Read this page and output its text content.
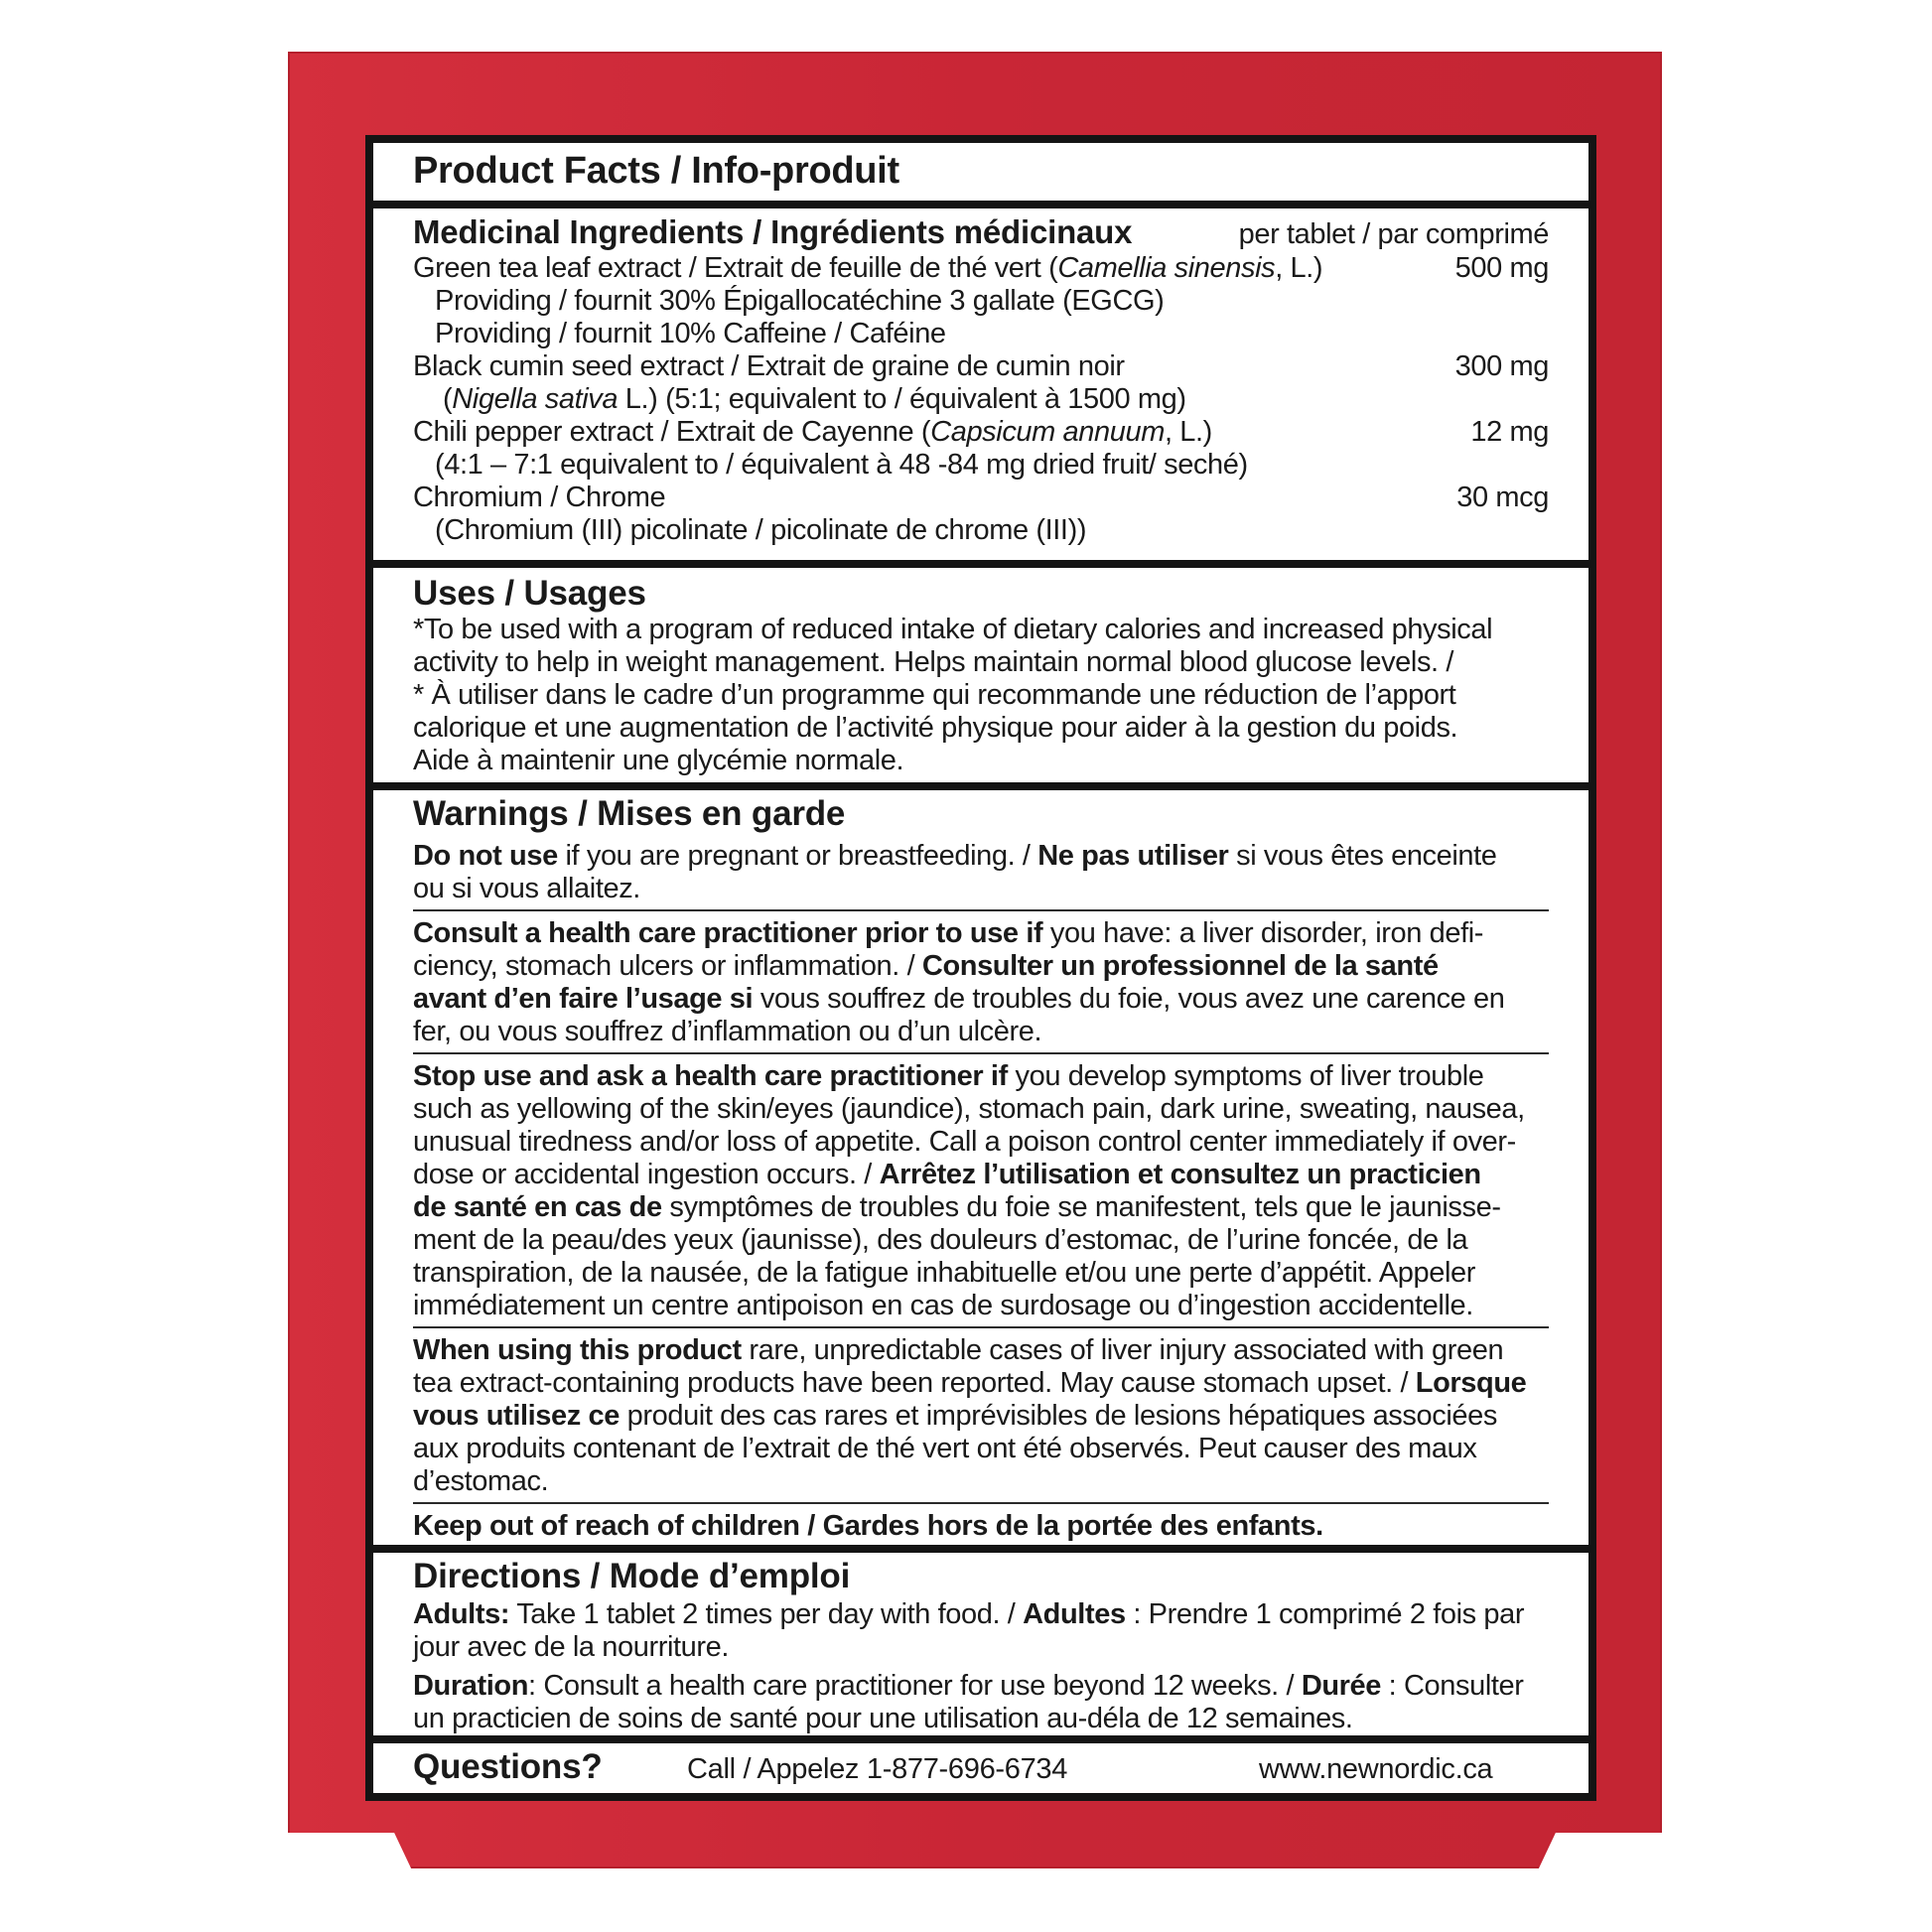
Product Facts / Info-produit
Medicinal Ingredients / Ingrédients médicinaux	per tablet / par comprimé
Green tea leaf extract / Extrait de feuille de thé vert (Camellia sinensis, L.)	500 mg
Providing / fournit 30% Épigallocatéchine 3 gallate (EGCG)
Providing / fournit 10% Caffeine / Caféine
Black cumin seed extract / Extrait de graine de cumin noir	300 mg
(Nigella sativa L.) (5:1; equivalent to / équivalent à 1500 mg)
Chili pepper extract / Extrait de Cayenne (Capsicum annuum, L.)	12 mg
(4:1 – 7:1 equivalent to / équivalent à 48 -84 mg dried fruit/ seché)
Chromium / Chrome	30 mcg
(Chromium (III) picolinate / picolinate de chrome (III))
Uses / Usages
*To be used with a program of reduced intake of dietary calories and increased physical
activity to help in weight management. Helps maintain normal blood glucose levels. /
* À utiliser dans le cadre d’un programme qui recommande une réduction de l’apport
calorique et une augmentation de l’activité physique pour aider à la gestion du poids.
Aide à maintenir une glycémie normale.
Warnings / Mises en garde
Do not use if you are pregnant or breastfeeding. / Ne pas utiliser si vous êtes enceinte
ou si vous allaitez.
Consult a health care practitioner prior to use if you have: a liver disorder, iron defi-
ciency, stomach ulcers or inflammation. / Consulter un professionnel de la santé
avant d’en faire l’usage si vous souffrez de troubles du foie, vous avez une carence en
fer, ou vous souffrez d’inflammation ou d’un ulcère.
Stop use and ask a health care practitioner if you develop symptoms of liver trouble
such as yellowing of the skin/eyes (jaundice), stomach pain, dark urine, sweating, nausea,
unusual tiredness and/or loss of appetite. Call a poison control center immediately if over-
dose or accidental ingestion occurs. / Arrêtez l’utilisation et consultez un practicien
de santé en cas de symptômes de troubles du foie se manifestent, tels que le jaunisse-
ment de la peau/des yeux (jaunisse), des douleurs d’estomac, de l’urine foncée, de la
transpiration, de la nausée, de la fatigue inhabituelle et/ou une perte d’appétit. Appeler
immédiatement un centre antipoison en cas de surdosage ou d’ingestion accidentelle.
When using this product rare, unpredictable cases of liver injury associated with green
tea extract-containing products have been reported. May cause stomach upset. / Lorsque
vous utilisez ce produit des cas rares et imprévisibles de lesions hépatiques associées
aux produits contenant de l’extrait de thé vert ont été observés. Peut causer des maux
d’estomac.
Keep out of reach of children / Gardes hors de la portée des enfants.
Directions / Mode d’emploi
Adults: Take 1 tablet 2 times per day with food. / Adultes : Prendre 1 comprimé 2 fois par
jour avec de la nourriture.
Duration: Consult a health care practitioner for use beyond 12 weeks. / Durée : Consulter
un practicien de soins de santé pour une utilisation au-déla de 12 semaines.
Questions?	Call / Appelez 1-877-696-6734	www.newnordic.ca
